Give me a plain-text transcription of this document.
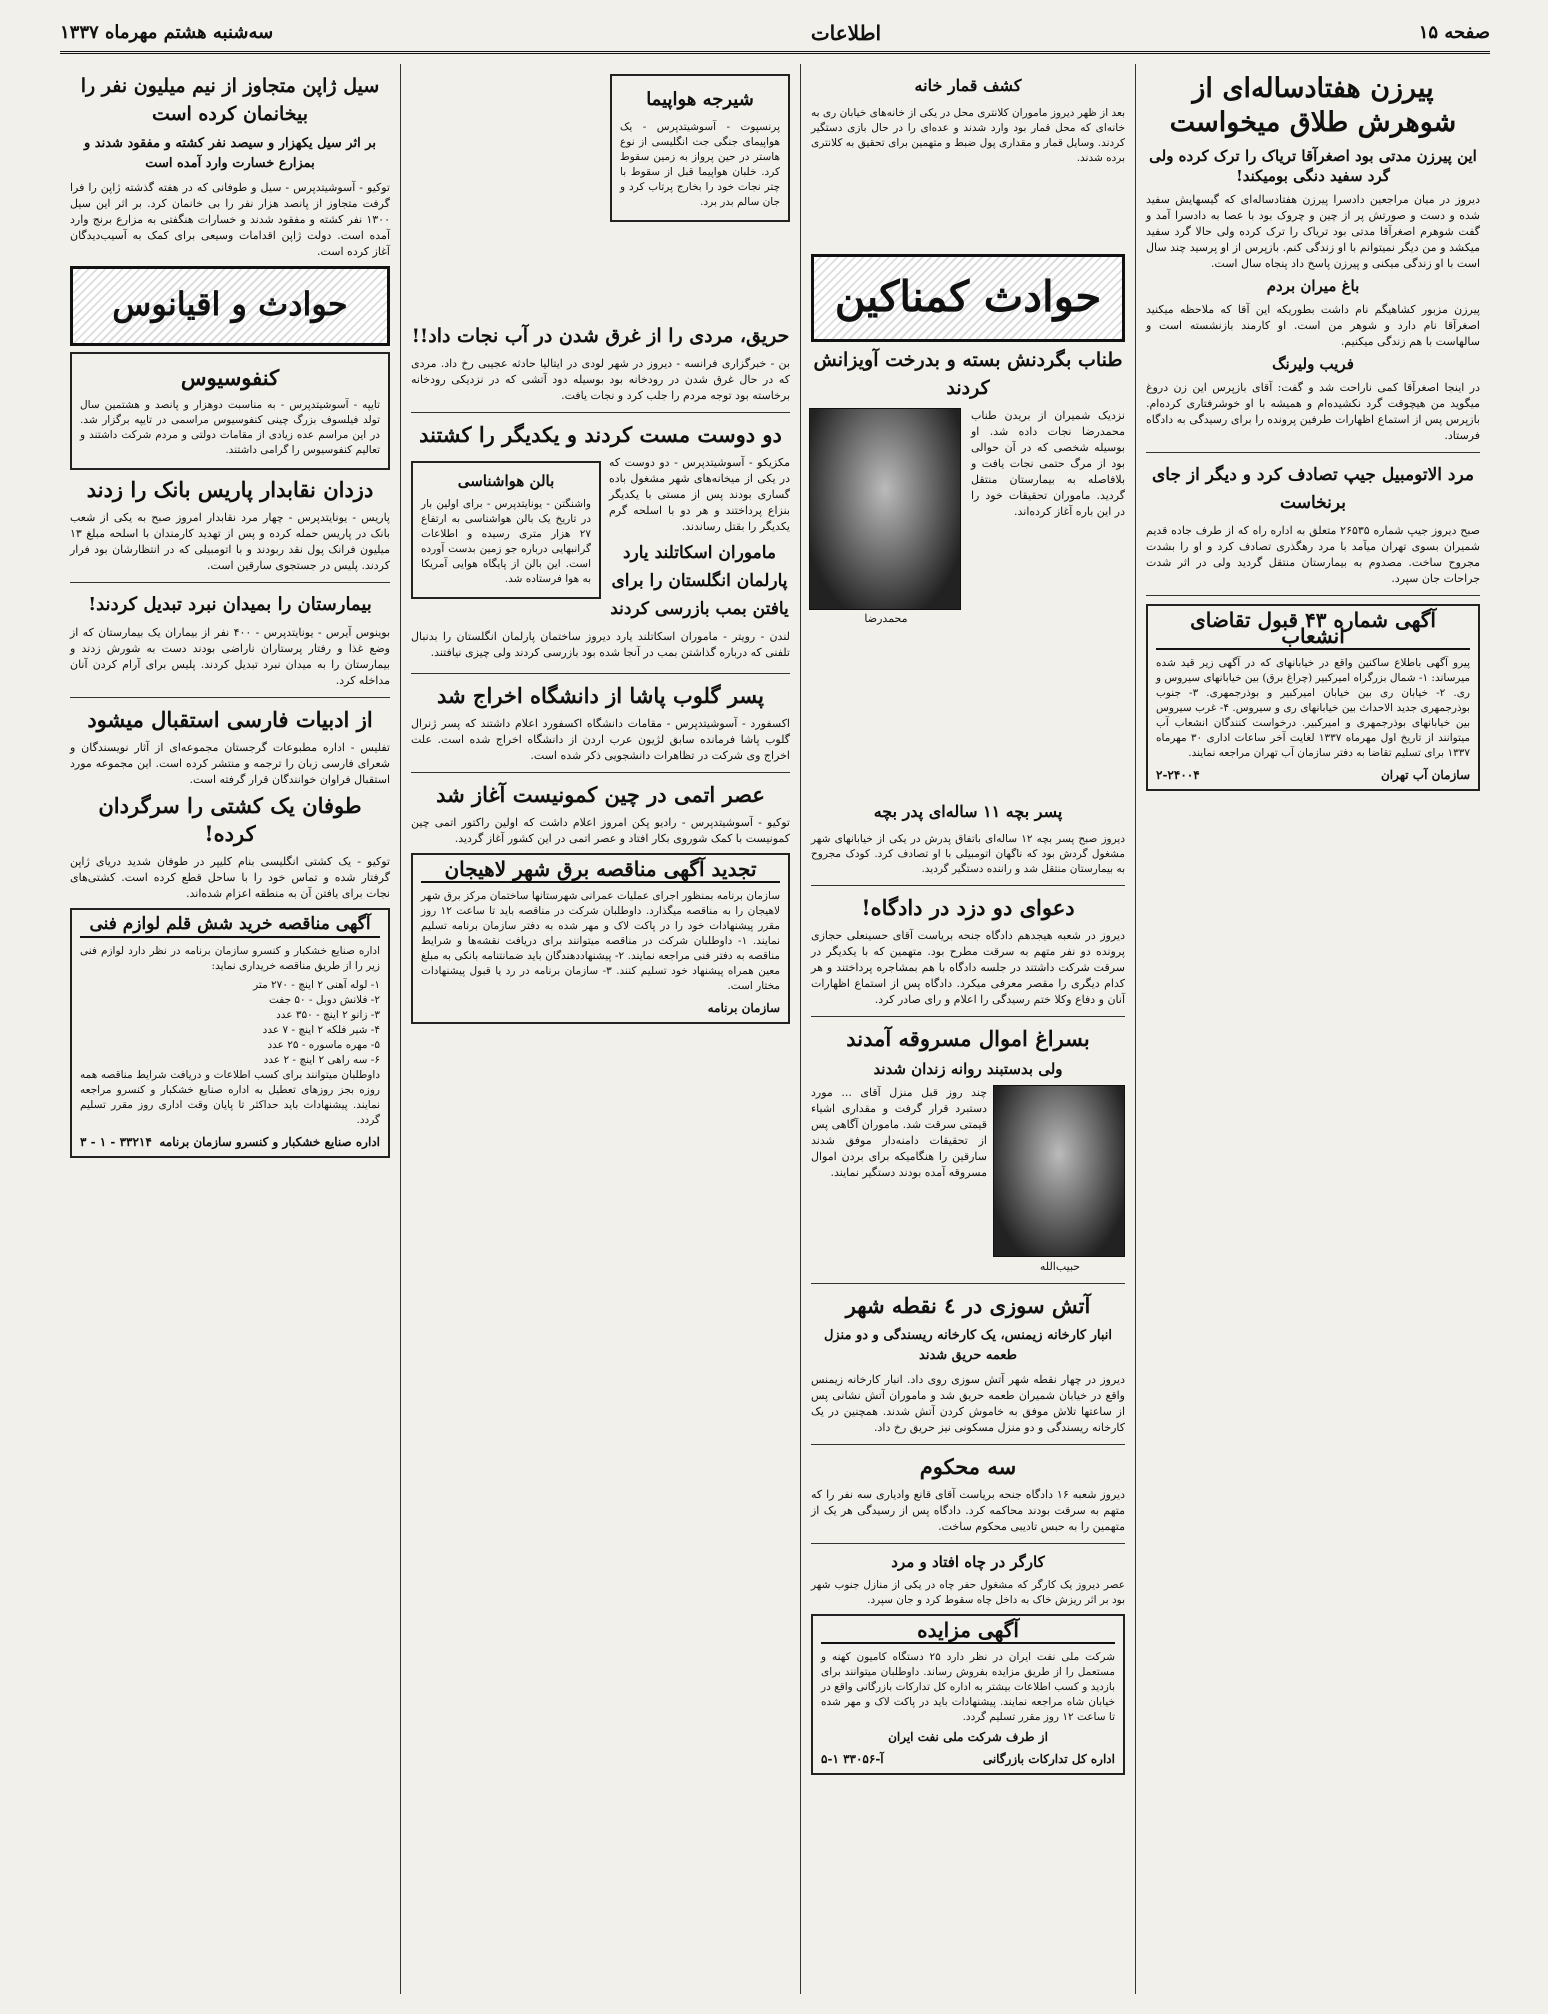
صفحه ۱۵
اطلاعات
سه‌شنبه هشتم مهرماه ۱۳۳۷
پیرزن هفتادساله‌ای از شوهرش طلاق میخواست
این پیرزن مدتی بود اصغرآقا تریاک را ترک کرده ولی گرد سفید دنگی بومیکند!

دیروز در میان مراجعین دادسرا پیرزن هفتادساله‌ای که گیسهایش سفید شده و دست و صورتش پر از چین و چروک بود با عصا به دادسرا آمد و گفت شوهرم اصغرآقا مدتی بود تریاک را ترک کرده ولی حالا گرد سفید میکشد و من دیگر نمیتوانم با او زندگی کنم. بازپرس از او پرسید چند سال است با او زندگی میکنی و پیرزن پاسخ داد پنجاه سال است.

باغ میران بردم

پیرزن مزبور کشاهیگم نام داشت بطوریکه این آقا که ملاحظه میکنید اصغرآقا نام دارد و شوهر من است. او کارمند بازنشسته است و سالهاست با هم زندگی میکنیم.

فریب ولیرنگ

در اینجا اصغرآقا کمی ناراحت شد و گفت: آقای بازپرس این زن دروغ میگوید من هیچوقت گرد نکشیده‌ام و همیشه با او خوشرفتاری کرده‌ام. بازپرس پس از استماع اظهارات طرفین پرونده را برای رسیدگی به دادگاه فرستاد.

مرد الاتومبیل جیپ تصادف کرد و دیگر از جای برنخاست

صبح دیروز جیپ شماره ۲۶۵۳۵ متعلق به اداره راه که از طرف جاده قدیم شمیران بسوی تهران میآمد با مرد رهگذری تصادف کرد و او را بشدت مجروح ساخت. مصدوم به بیمارستان منتقل گردید ولی در اثر شدت جراحات جان سپرد.

آگهی شماره ۴۳ قبول تقاضای انشعاب

پیرو آگهی باطلاع ساکنین واقع در خیابانهای که در آگهی زیر قید شده میرساند: ۱- شمال بزرگراه امیرکبیر (چراغ برق) بین خیابانهای سیروس و ری. ۲- خیابان ری بین خیابان امیرکبیر و بوذرجمهری. ۳- جنوب بوذرجمهری جدید الاحداث بین خیابانهای ری و سیروس. ۴- غرب سیروس بین خیابانهای بوذرجمهری و امیرکبیر. درخواست کنندگان انشعاب آب میتوانند از تاریخ اول مهرماه ۱۳۳۷ لغایت آخر ساعات اداری ۳۰ مهرماه ۱۳۳۷ برای تسلیم تقاضا به دفتر سازمان آب تهران مراجعه نمایند.

سازمان آب تهران
۲-۲۴۰۰۴
حوادث کمناکین
طناب بگردنش بسته و بدرخت آویزانش کردند

نزدیک شمیران از بریدن طناب محمدرضا نجات داده شد. او بوسیله شخصی که در آن حوالی بود از مرگ حتمی نجات یافت و بلافاصله به بیمارستان منتقل گردید. ماموران تحقیقات خود را در این باره آغاز کرده‌اند.

محمدرضا
کشف قمار خانه

بعد از ظهر دیروز ماموران کلانتری محل در یکی از خانه‌های خیابان ری به خانه‌ای که محل قمار بود وارد شدند و عده‌ای را در حال بازی دستگیر کردند. وسایل قمار و مقداری پول ضبط و متهمین برای تحقیق به کلانتری برده شدند.

پسر بچه ۱۱ ساله‌ای پدر بچه

دیروز صبح پسر بچه ۱۲ ساله‌ای باتفاق پدرش در یکی از خیابانهای شهر مشغول گردش بود که ناگهان اتومبیلی با او تصادف کرد. کودک مجروح به بیمارستان منتقل شد و راننده دستگیر گردید.

دعوای دو دزد در دادگاه!

دیروز در شعبه هیجدهم دادگاه جنحه بریاست آقای حسینعلی حجازی پرونده دو نفر متهم به سرقت مطرح بود. متهمین که با یکدیگر در سرقت شرکت داشتند در جلسه دادگاه با هم بمشاجره پرداختند و هر کدام دیگری را مقصر معرفی میکرد. دادگاه پس از استماع اظهارات آنان و دفاع وکلا ختم رسیدگی را اعلام و رای صادر کرد.

بسراغ اموال مسروقه آمدند
ولی بدستبند روانه زندان شدند
حبیب‌الله

چند روز قبل منزل آقای ... مورد دستبرد قرار گرفت و مقداری اشیاء قیمتی سرقت شد. ماموران آگاهی پس از تحقیقات دامنه‌دار موفق شدند سارقین را هنگامیکه برای بردن اموال مسروقه آمده بودند دستگیر نمایند.

آتش سوزی در ٤ نقطه شهر
انبار کارخانه زیمنس، یک کارخانه ریسندگی و دو منزل طعمه حریق شدند

دیروز در چهار نقطه شهر آتش سوزی روی داد. انبار کارخانه زیمنس واقع در خیابان شمیران طعمه حریق شد و ماموران آتش نشانی پس از ساعتها تلاش موفق به خاموش کردن آتش شدند. همچنین در یک کارخانه ریسندگی و دو منزل مسکونی نیز حریق رخ داد.

سه محکوم

دیروز شعبه ۱۶ دادگاه جنحه بریاست آقای قانع وادیاری سه نفر را که متهم به سرقت بودند محاکمه کرد. دادگاه پس از رسیدگی هر یک از متهمین را به حبس تادیبی محکوم ساخت.

کارگر در چاه افتاد و مرد

عصر دیروز یک کارگر که مشغول حفر چاه در یکی از منازل جنوب شهر بود بر اثر ریزش خاک به داخل چاه سقوط کرد و جان سپرد.

آگهی مزایده

شرکت ملی نفت ایران در نظر دارد ۲۵ دستگاه کامیون کهنه و مستعمل را از طریق مزایده بفروش رساند. داوطلبان میتوانند برای بازدید و کسب اطلاعات بیشتر به اداره کل تدارکات بازرگانی واقع در خیابان شاه مراجعه نمایند. پیشنهادات باید در پاکت لاک و مهر شده تا ساعت ۱۲ روز مقرر تسلیم گردد.

از طرف شرکت ملی نفت ایران
اداره کل تدارکات بازرگانی
آ-۳۳۰۵۶ ۱-۵
شیرجه هواپیما

پرنسپوت - آسوشیتدپرس - یک هواپیمای جنگی جت انگلیسی از نوع هاستر در حین پرواز به زمین سقوط کرد. خلبان هواپیما قبل از سقوط با چتر نجات خود را بخارج پرتاب کرد و جان سالم بدر برد.

حریق، مردی را از غرق شدن در آب نجات داد!!

بن - خبرگزاری فرانسه - دیروز در شهر لودی در ایتالیا حادثه عجیبی رخ داد. مردی که در حال غرق شدن در رودخانه بود بوسیله دود آتشی که در نزدیکی رودخانه برخاسته بود توجه مردم را جلب کرد و نجات یافت.

دو دوست مست کردند و یکدیگر را کشتند
بالن هواشناسی

واشنگتن - یونایتدپرس - برای اولین بار در تاریخ یک بالن هواشناسی به ارتفاع ۲۷ هزار متری رسیده و اطلاعات گرانبهایی درباره جو زمین بدست آورده است. این بالن از پایگاه هوایی آمریکا به هوا فرستاده شد.

مکزیکو - آسوشیتدپرس - دو دوست که در یکی از میخانه‌های شهر مشغول باده گساری بودند پس از مستی با یکدیگر بنزاع پرداختند و هر دو با اسلحه گرم یکدیگر را بقتل رساندند.

ماموران اسکاتلند یارد پارلمان انگلستان را برای یافتن بمب بازرسی کردند

لندن - رویتر - ماموران اسکاتلند یارد دیروز ساختمان پارلمان انگلستان را بدنبال تلفنی که درباره گذاشتن بمب در آنجا شده بود بازرسی کردند ولی چیزی نیافتند.

پسر گلوب پاشا از دانشگاه اخراج شد

اکسفورد - آسوشیتدپرس - مقامات دانشگاه اکسفورد اعلام داشتند که پسر ژنرال گلوب پاشا فرمانده سابق لژیون عرب اردن از دانشگاه اخراج شده است. علت اخراج وی شرکت در تظاهرات دانشجویی ذکر شده است.

عصر اتمی در چین کمونیست آغاز شد

توکیو - آسوشیتدپرس - رادیو پکن امروز اعلام داشت که اولین راکتور اتمی چین کمونیست با کمک شوروی بکار افتاد و عصر اتمی در این کشور آغاز گردید.

تجدید آگهی مناقصه برق شهر لاهیجان

سازمان برنامه بمنظور اجرای عملیات عمرانی شهرستانها ساختمان مرکز برق شهر لاهیجان را به مناقصه میگذارد. داوطلبان شرکت در مناقصه باید تا ساعت ۱۲ روز مقرر پیشنهادات خود را در پاکت لاک و مهر شده به دفتر سازمان برنامه تسلیم نمایند. ۱- داوطلبان شرکت در مناقصه میتوانند برای دریافت نقشه‌ها و شرایط مناقصه به دفتر فنی مراجعه نمایند. ۲- پیشنهاددهندگان باید ضمانتنامه بانکی به مبلغ معین همراه پیشنهاد خود تسلیم کنند. ۳- سازمان برنامه در رد یا قبول پیشنهادات مختار است.

سازمان برنامه
سیل ژاپن متجاوز از نیم میلیون نفر را بیخانمان کرده است
بر اثر سیل یکهزار و سیصد نفر کشته و مفقود شدند و بمزارع خسارت وارد آمده است

توکیو - آسوشیتدپرس - سیل و طوفانی که در هفته گذشته ژاپن را فرا گرفت متجاوز از پانصد هزار نفر را بی خانمان کرد. بر اثر این سیل ۱۳۰۰ نفر کشته و مفقود شدند و خسارات هنگفتی به مزارع برنج وارد آمده است. دولت ژاپن اقدامات وسیعی برای کمک به آسیب‌دیدگان آغاز کرده است.

حوادث و اقیانوس
کنفوسیوس

تایپه - آسوشیتدپرس - به مناسبت دوهزار و پانصد و هشتمین سال تولد فیلسوف بزرگ چینی کنفوسیوس مراسمی در تایپه برگزار شد. در این مراسم عده زیادی از مقامات دولتی و مردم شرکت داشتند و تعالیم کنفوسیوس را گرامی داشتند.

دزدان نقابدار پاریس بانک را زدند

پاریس - یونایتدپرس - چهار مرد نقابدار امروز صبح به یکی از شعب بانک در پاریس حمله کرده و پس از تهدید کارمندان با اسلحه مبلغ ۱۳ میلیون فرانک پول نقد ربودند و با اتومبیلی که در انتظارشان بود فرار کردند. پلیس در جستجوی سارقین است.

بیمارستان را بمیدان نبرد تبدیل کردند!

بوینوس آیرس - یونایتدپرس - ۴۰۰ نفر از بیماران یک بیمارستان که از وضع غذا و رفتار پرستاران ناراضی بودند دست به شورش زدند و بیمارستان را به میدان نبرد تبدیل کردند. پلیس برای آرام کردن آنان مداخله کرد.

از ادبیات فارسی استقبال میشود

تفلیس - اداره مطبوعات گرجستان مجموعه‌ای از آثار نویسندگان و شعرای فارسی زبان را ترجمه و منتشر کرده است. این مجموعه مورد استقبال فراوان خوانندگان قرار گرفته است.

طوفان یک کشتی را سرگردان کرده!

توکیو - یک کشتی انگلیسی بنام کلیپر در طوفان شدید دریای ژاپن گرفتار شده و تماس خود را با ساحل قطع کرده است. کشتی‌های نجات برای یافتن آن به منطقه اعزام شده‌اند.

آگهی مناقصه خرید شش قلم لوازم فنی

اداره صنایع خشکبار و کنسرو سازمان برنامه در نظر دارد لوازم فنی زیر را از طریق مناقصه خریداری نماید:

۱- لوله آهنی ۲ اینچ - ۲۷۰ متر
۲- فلانش دوبل - ۵۰ جفت
۳- زانو ۲ اینچ - ۳۵۰ عدد
۴- شیر فلکه ۲ اینچ - ۷ عدد
۵- مهره ماسوره - ۲۵ عدد
۶- سه راهی ۲ اینچ - ۲ عدد

داوطلبان میتوانند برای کسب اطلاعات و دریافت شرایط مناقصه همه روزه بجز روزهای تعطیل به اداره صنایع خشکبار و کنسرو مراجعه نمایند. پیشنهادات باید حداکثر تا پایان وقت اداری روز مقرر تسلیم گردد.

اداره صنایع خشکبار و کنسرو سازمان برنامه
۳۳۲۱۴ - ۱ - ۳
